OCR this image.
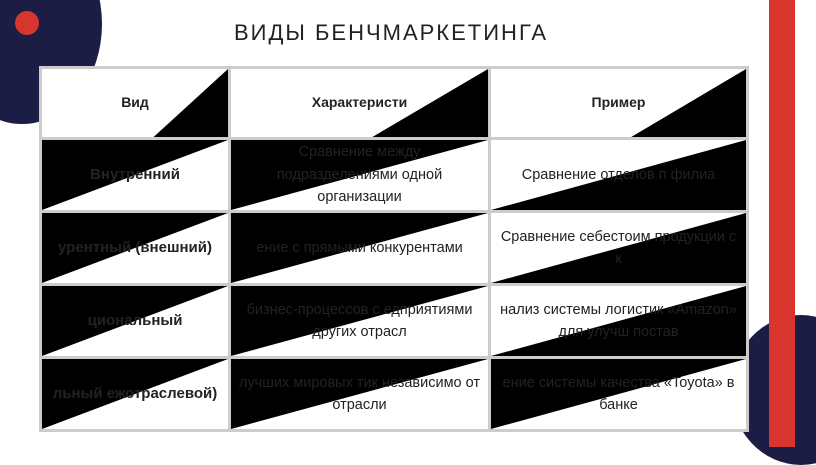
ВИДЫ БЕНЧМАРКЕТИНГА
Вид	Характеристи	Пример

Внутренний	Сравнение между подразделениями одной организации	Сравнение отделов п филиа

урентный (внешний)	ение с прямыми конкурентами	Сравнение себестоим продукции с к

циональный	бизнес-процессов с едприятиями других отрасл	нализ системы логистик «Amazon» для улучш постав

льный ежотраслевой)	лучших мировых тик независимо от отрасли	ение системы качества «Toyota» в банке
